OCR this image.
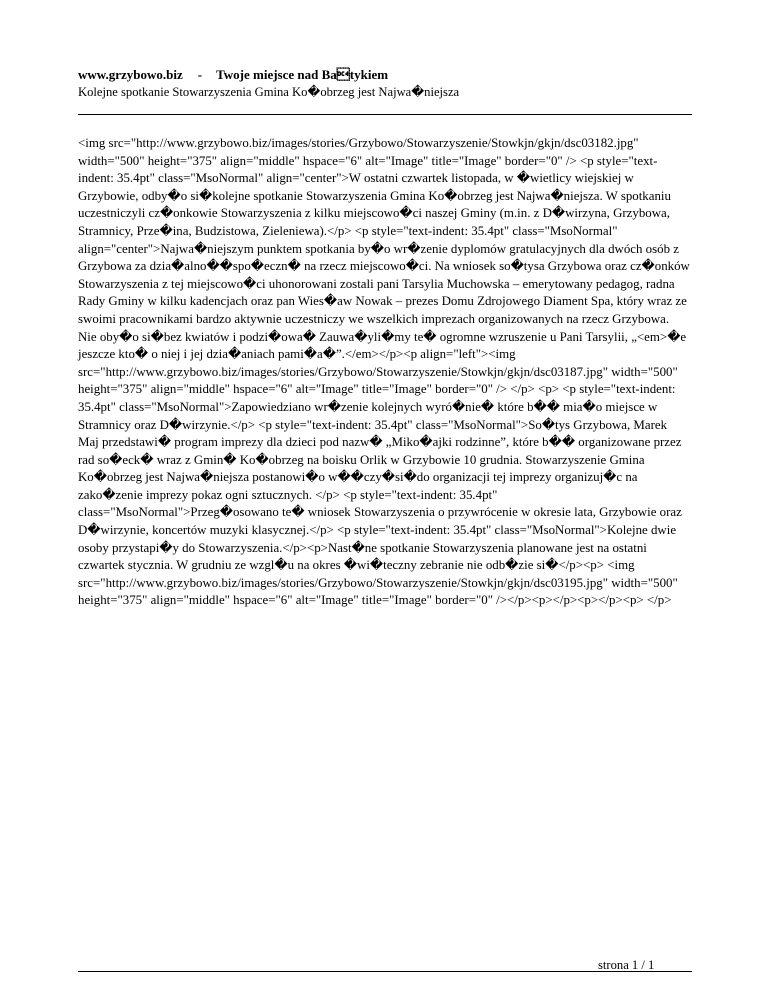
www.grzybowo.biz - Twoje miejsce nad Batykiem
Kolejne spotkanie Stowarzyszenia Gmina Ko�obrzeg jest Najwa�niejsza

<img src="http://www.grzybowo.biz/images/stories/Grzybowo/Stowarzyszenie/Stowkjn/gkjn/dsc03182.jpg" width="500" height="375" align="middle" hspace="6" alt="Image" title="Image" border="0" /> <p style="text-indent: 35.4pt" class="MsoNormal" align="center">W ostatni czwartek listopada, w �wietlicy wiejskiej w Grzybowie, odby�o si�kolejne spotkanie Stowarzyszenia Gmina Ko�obrzeg jest Najwa�niejsza. W spotkaniu uczestniczyli cz�onkowie Stowarzyszenia z kilku miejscowo�ci naszej Gminy (m.in. z D�wirzyna, Grzybowa, Stramnicy, Prze�ina, Budzistowa, Zieleniewa).</p> <p style="text-indent: 35.4pt" class="MsoNormal" align="center">Najwa�niejszym punktem spotkania by�o wr�zenie dyplomów gratulacyjnych dla dwóch osób z Grzybowa za dzia�alno��spo�eczn� na rzecz miejscowo�ci. Na wniosek so�tysa Grzybowa oraz cz�onków Stowarzyszenia z tej miejscowo�ci uhonorowani zostali pani Tarsylia Muchowska – emerytowany pedagog, radna Rady Gminy w kilku kadencjach oraz pan Wies�aw Nowak – prezes Domu Zdrojowego Diament Spa, który wraz ze swoimi pracownikami bardzo aktywnie uczestniczy we wszelkich imprezach organizowanych na rzecz Grzybowa. Nie oby�o si�bez kwiatów i podzi�owa� Zauwa�yli�my te� ogromne wzruszenie u Pani Tarsylii, „<em>�e jeszcze kto� o niej i jej dzia�aniach pami�a�”.</em></p><p align="left"><img src="http://www.grzybowo.biz/images/stories/Grzybowo/Stowarzyszenie/Stowkjn/gkjn/dsc03187.jpg" width="500" height="375" align="middle" hspace="6" alt="Image" title="Image" border="0" /> </p> <p> <p style="text-indent: 35.4pt" class="MsoNormal">Zapowiedziano wr�zenie kolejnych wyró�nie� które b�� mia�o miejsce w Stramnicy oraz D�wirzynie.</p> <p style="text-indent: 35.4pt" class="MsoNormal">So�tys Grzybowa, Marek Maj przedstawi� program imprezy dla dzieci pod nazw� „Miko�ajki rodzinne”, które b�� organizowane przez rad so�eck� wraz z Gmin� Ko�obrzeg na boisku Orlik w Grzybowie 10 grudnia. Stowarzyszenie Gmina Ko�obrzeg jest Najwa�niejsza postanowi�o w��czy�si�do organizacji tej imprezy organizuj�c na zako�zenie imprezy pokaz ogni sztucznych. </p> <p style="text-indent: 35.4pt" class="MsoNormal">Przeg�osowano te� wniosek Stowarzyszenia o przywrócenie w okresie lata, Grzybowie oraz D�wirzynie, koncertów muzyki klasycznej.</p> <p style="text-indent: 35.4pt" class="MsoNormal">Kolejne dwie osoby przystapi�y do Stowarzyszenia.</p><p>Nast�ne spotkanie Stowarzyszenia planowane jest na ostatni czwartek stycznia. W grudniu ze wzgl�u na okres �wi�teczny zebranie nie odb�zie si�</p><p> <img src="http://www.grzybowo.biz/images/stories/Grzybowo/Stowarzyszenie/Stowkjn/gkjn/dsc03195.jpg" width="500" height="375" align="middle" hspace="6" alt="Image" title="Image" border="0" /></p><p></p><p></p><p> </p>

strona 1 / 1
